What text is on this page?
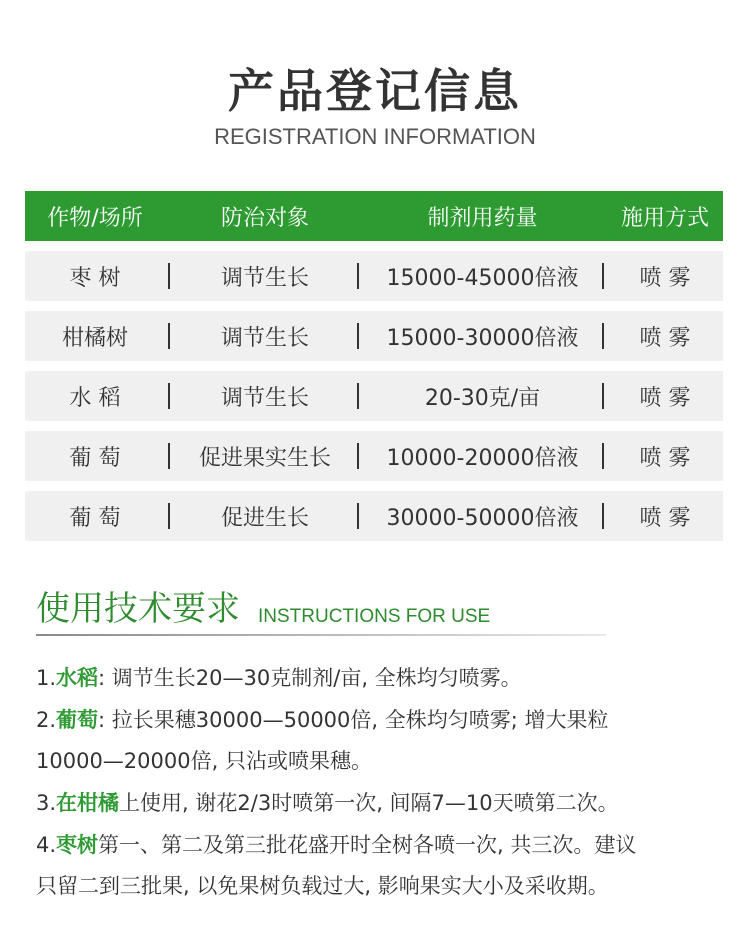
产品登记信息
REGISTRATION INFORMATION
作物/场所	防治对象	制剂用药量	施用方式
枣 树	调节生长	15000-45000倍液	喷 雾
柑橘树	调节生长	15000-30000倍液	喷 雾
水 稻	调节生长	20-30克/亩	喷 雾
葡 萄	促进果实生长	10000-20000倍液	喷 雾
葡 萄	促进生长	30000-50000倍液	喷 雾
使用技术要求 INSTRUCTIONS FOR USE
1.水稻: 调节生长20—30克制剂/亩, 全株均匀喷雾。
2.葡萄: 拉长果穗30000—50000倍, 全株均匀喷雾; 增大果粒
10000—20000倍, 只沾或喷果穗。
3.在柑橘上使用, 谢花2/3时喷第一次, 间隔7—10天喷第二次。
4.枣树第一、第二及第三批花盛开时全树各喷一次, 共三次。建议
只留二到三批果, 以免果树负载过大, 影响果实大小及采收期。
